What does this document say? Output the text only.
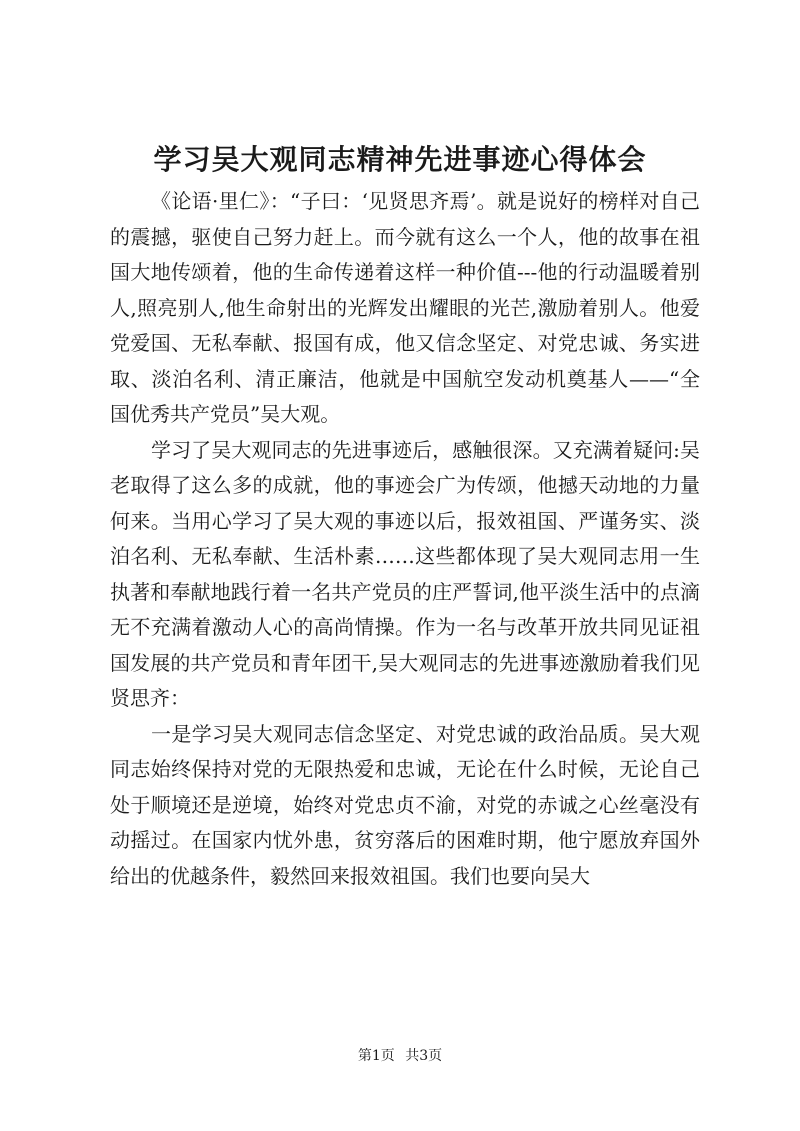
学习吴大观同志精神先进事迹心得体会

《论语·里仁》：“子曰：‘见贤思齐焉’。就是说好的榜样对自己的震撼，驱使自己努力赶上。而今就有这么一个人，他的故事在祖国大地传颂着，他的生命传递着这样一种价值---他的行动温暖着别人,照亮别人,他生命射出的光辉发出耀眼的光芒,激励着别人。他爱党爱国、无私奉献、报国有成，他又信念坚定、对党忠诚、务实进取、淡泊名利、清正廉洁，他就是中国航空发动机奠基人——“全国优秀共产党员”吴大观。

学习了吴大观同志的先进事迹后，感触很深。又充满着疑问:吴老取得了这么多的成就，他的事迹会广为传颂，他撼天动地的力量何来。当用心学习了吴大观的事迹以后，报效祖国、严谨务实、淡泊名利、无私奉献、生活朴素……这些都体现了吴大观同志用一生执著和奉献地践行着一名共产党员的庄严誓词,他平淡生活中的点滴无不充满着激动人心的高尚情操。作为一名与改革开放共同见证祖国发展的共产党员和青年团干,吴大观同志的先进事迹激励着我们见贤思齐：

一是学习吴大观同志信念坚定、对党忠诚的政治品质。吴大观同志始终保持对党的无限热爱和忠诚，无论在什么时候，无论自己处于顺境还是逆境，始终对党忠贞不渝，对党的赤诚之心丝毫没有动摇过。在国家内忧外患，贫穷落后的困难时期，他宁愿放弃国外给出的优越条件，毅然回来报效祖国。我们也要向吴大

第1页 共3页
